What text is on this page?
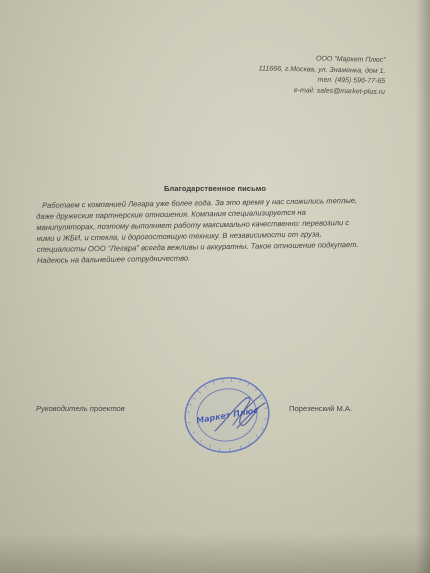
ООО "Маркет Плюс"
111666, г.Москва, ул. Знаменка, дом 1,
тел. (495) 596-77-65
e-mail: sales@market-plus.ru
Благодарственное письмо

Работаем с компанией Легара уже более года. За это время у нас сложились теплые,

даже дружеские партнерские отношения. Компания специализируется на

манипуляторах, поэтому выполняет работу максимально качественно: перевозили с

ними и ЖБИ, и стекла, и дорогостоящую технику. В независимости от груза,

специалисты ООО "Легара" всегда вежливы и аккуратны. Такое отношение подкупает.

Надеюсь на дальнейшее сотрудничество.

Руководитель проектов	Порезенский М.А.
Маркет Плюс
